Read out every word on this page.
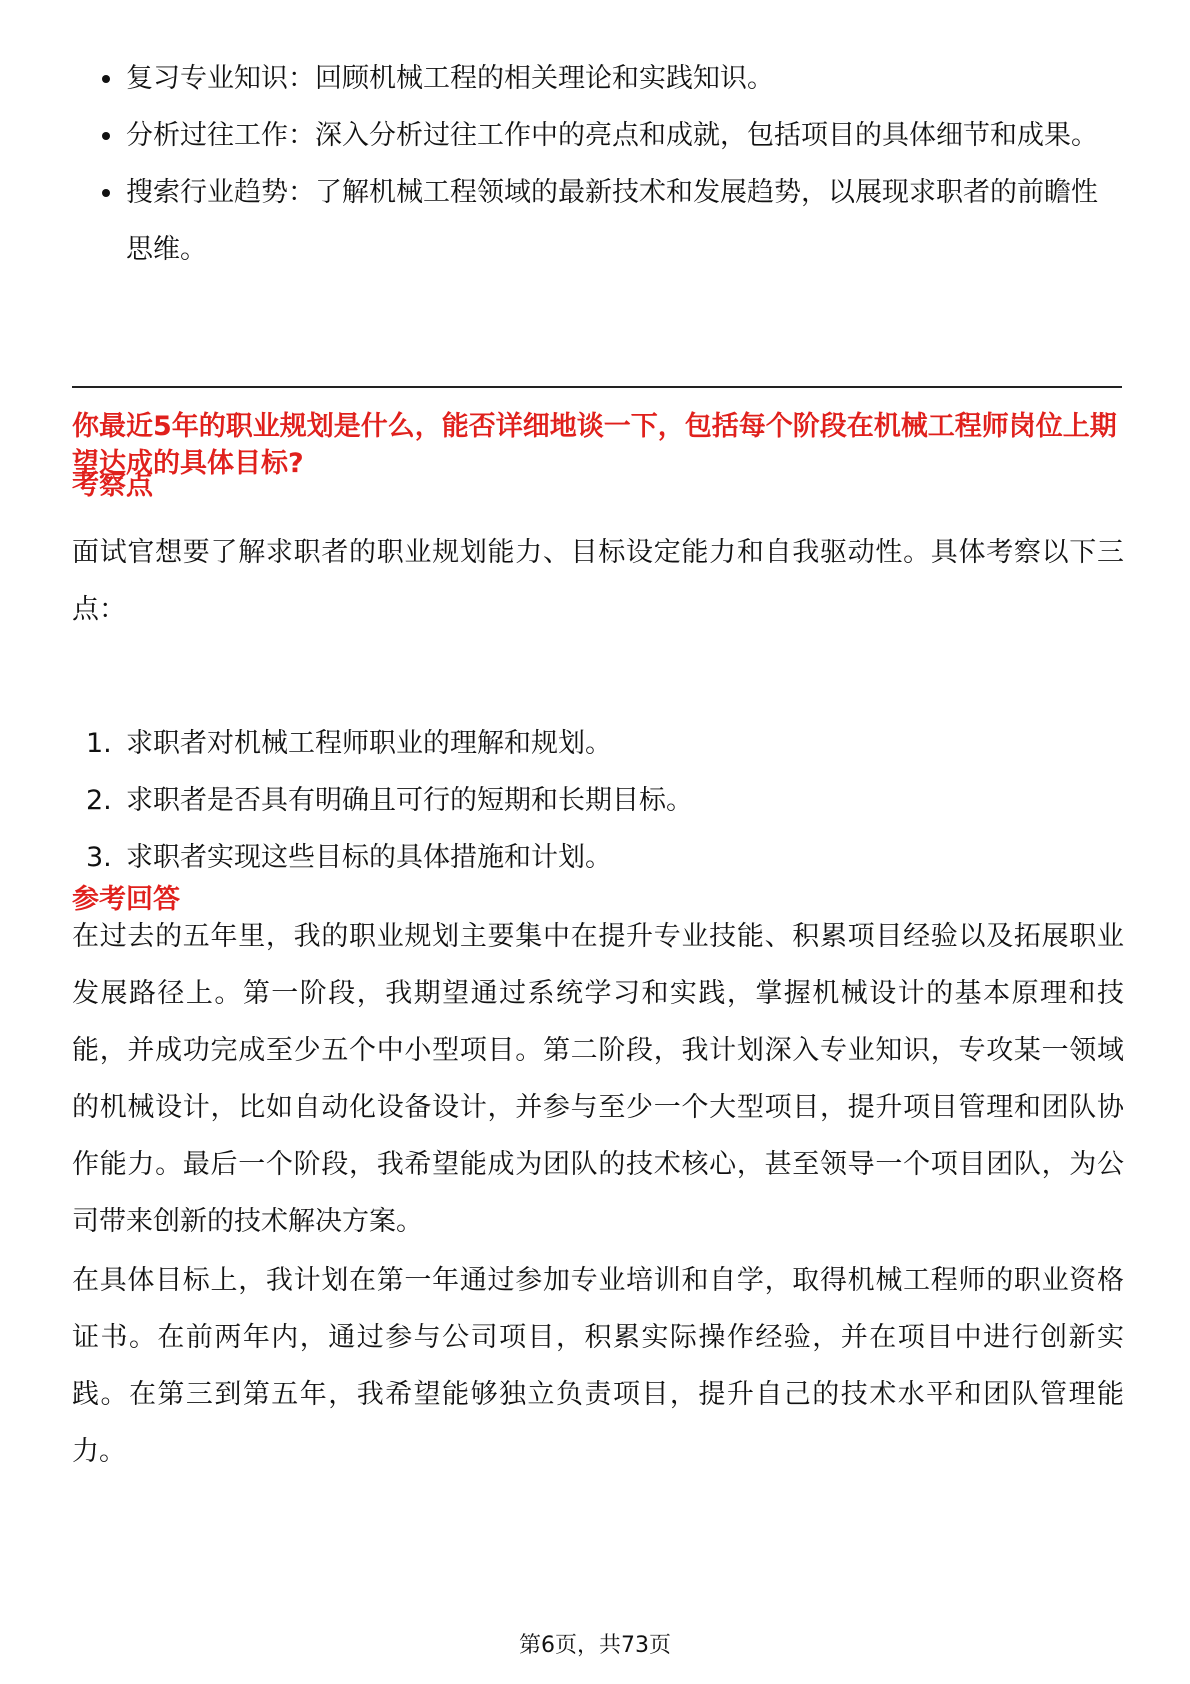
复习专业知识：回顾机械工程的相关理论和实践知识。
分析过往工作：深入分析过往工作中的亮点和成就，包括项目的具体细节和成果。
搜索行业趋势：了解机械工程领域的最新技术和发展趋势，以展现求职者的前瞻性思维。
你最近5年的职业规划是什么，能否详细地谈一下，包括每个阶段在机械工程师岗位上期望达成的具体目标?
考察点
面试官想要了解求职者的职业规划能力、目标设定能力和自我驱动性。具体考察以下三点：
1. 求职者对机械工程师职业的理解和规划。
2. 求职者是否具有明确且可行的短期和长期目标。
3. 求职者实现这些目标的具体措施和计划。
参考回答
在过去的五年里，我的职业规划主要集中在提升专业技能、积累项目经验以及拓展职业发展路径上。第一阶段，我期望通过系统学习和实践，掌握机械设计的基本原理和技能，并成功完成至少五个中小型项目。第二阶段，我计划深入专业知识，专攻某一领域的机械设计，比如自动化设备设计，并参与至少一个大型项目，提升项目管理和团队协作能力。最后一个阶段，我希望能成为团队的技术核心，甚至领导一个项目团队，为公司带来创新的技术解决方案。
在具体目标上，我计划在第一年通过参加专业培训和自学，取得机械工程师的职业资格证书。在前两年内，通过参与公司项目，积累实际操作经验，并在项目中进行创新实践。在第三到第五年，我希望能够独立负责项目，提升自己的技术水平和团队管理能力。
第6页，共73页
